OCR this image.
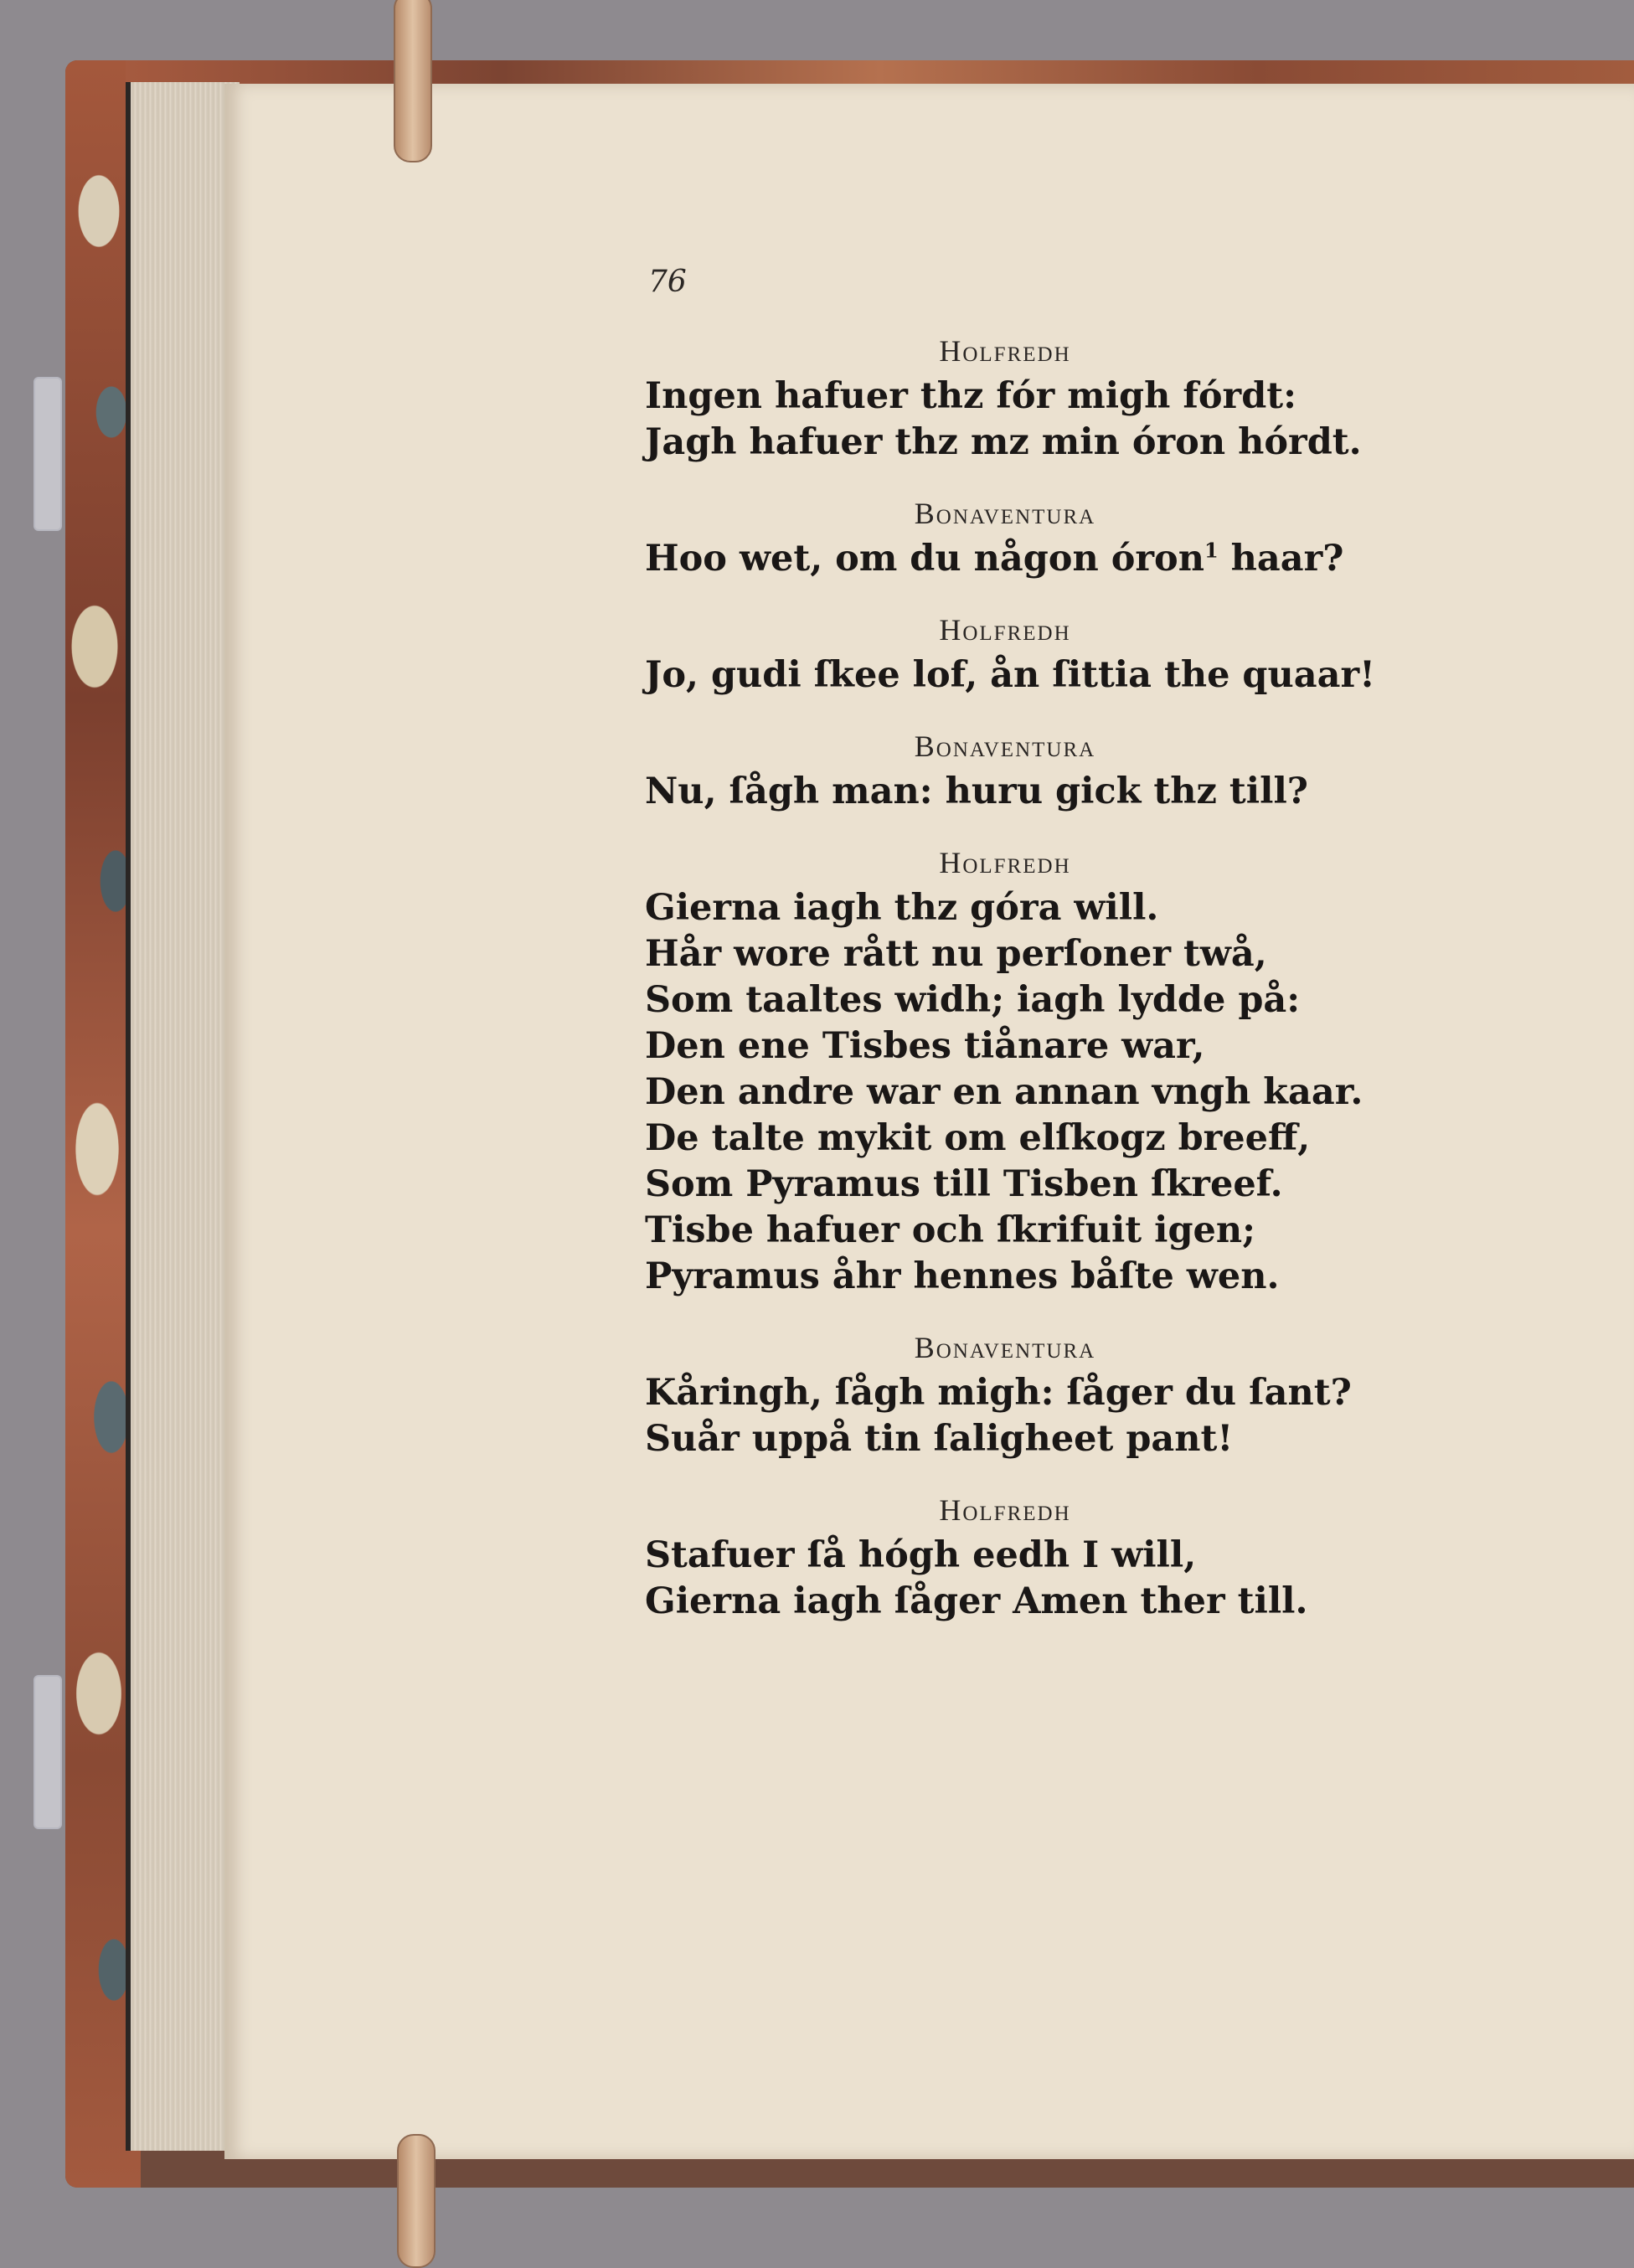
76
Holfredh
Ingen hafuer thz fór migh fórdt:
Jagh hafuer thz mz min óron hórdt.
Bonaventura
Hoo wet, om du någon óron$^1$ haar?
Holfredh
Jo, gudi ſkee lof, ån ſittia the quaar!
Bonaventura
Nu, ſågh man: huru gick thz till?
Holfredh
Gierna iagh thz góra will.
Hår wore rått nu perſoner twå,
Som taaltes widh; iagh lydde på:
Den ene Tisbes tiånare war,
Den andre war en annan vngh kaar.
De talte mykit om elſkogz breeff,
Som Pyramus till Tisben ſkreef.
Tisbe hafuer och ſkrifuit igen;
Pyramus åhr hennes båſte wen.
Bonaventura
Kåringh, ſågh migh: ſåger du ſant?
Suår uppå tin ſaligheet pant!
Holfredh
Stafuer ſå hógh eedh I will,
Gierna iagh ſåger Amen ther till.
